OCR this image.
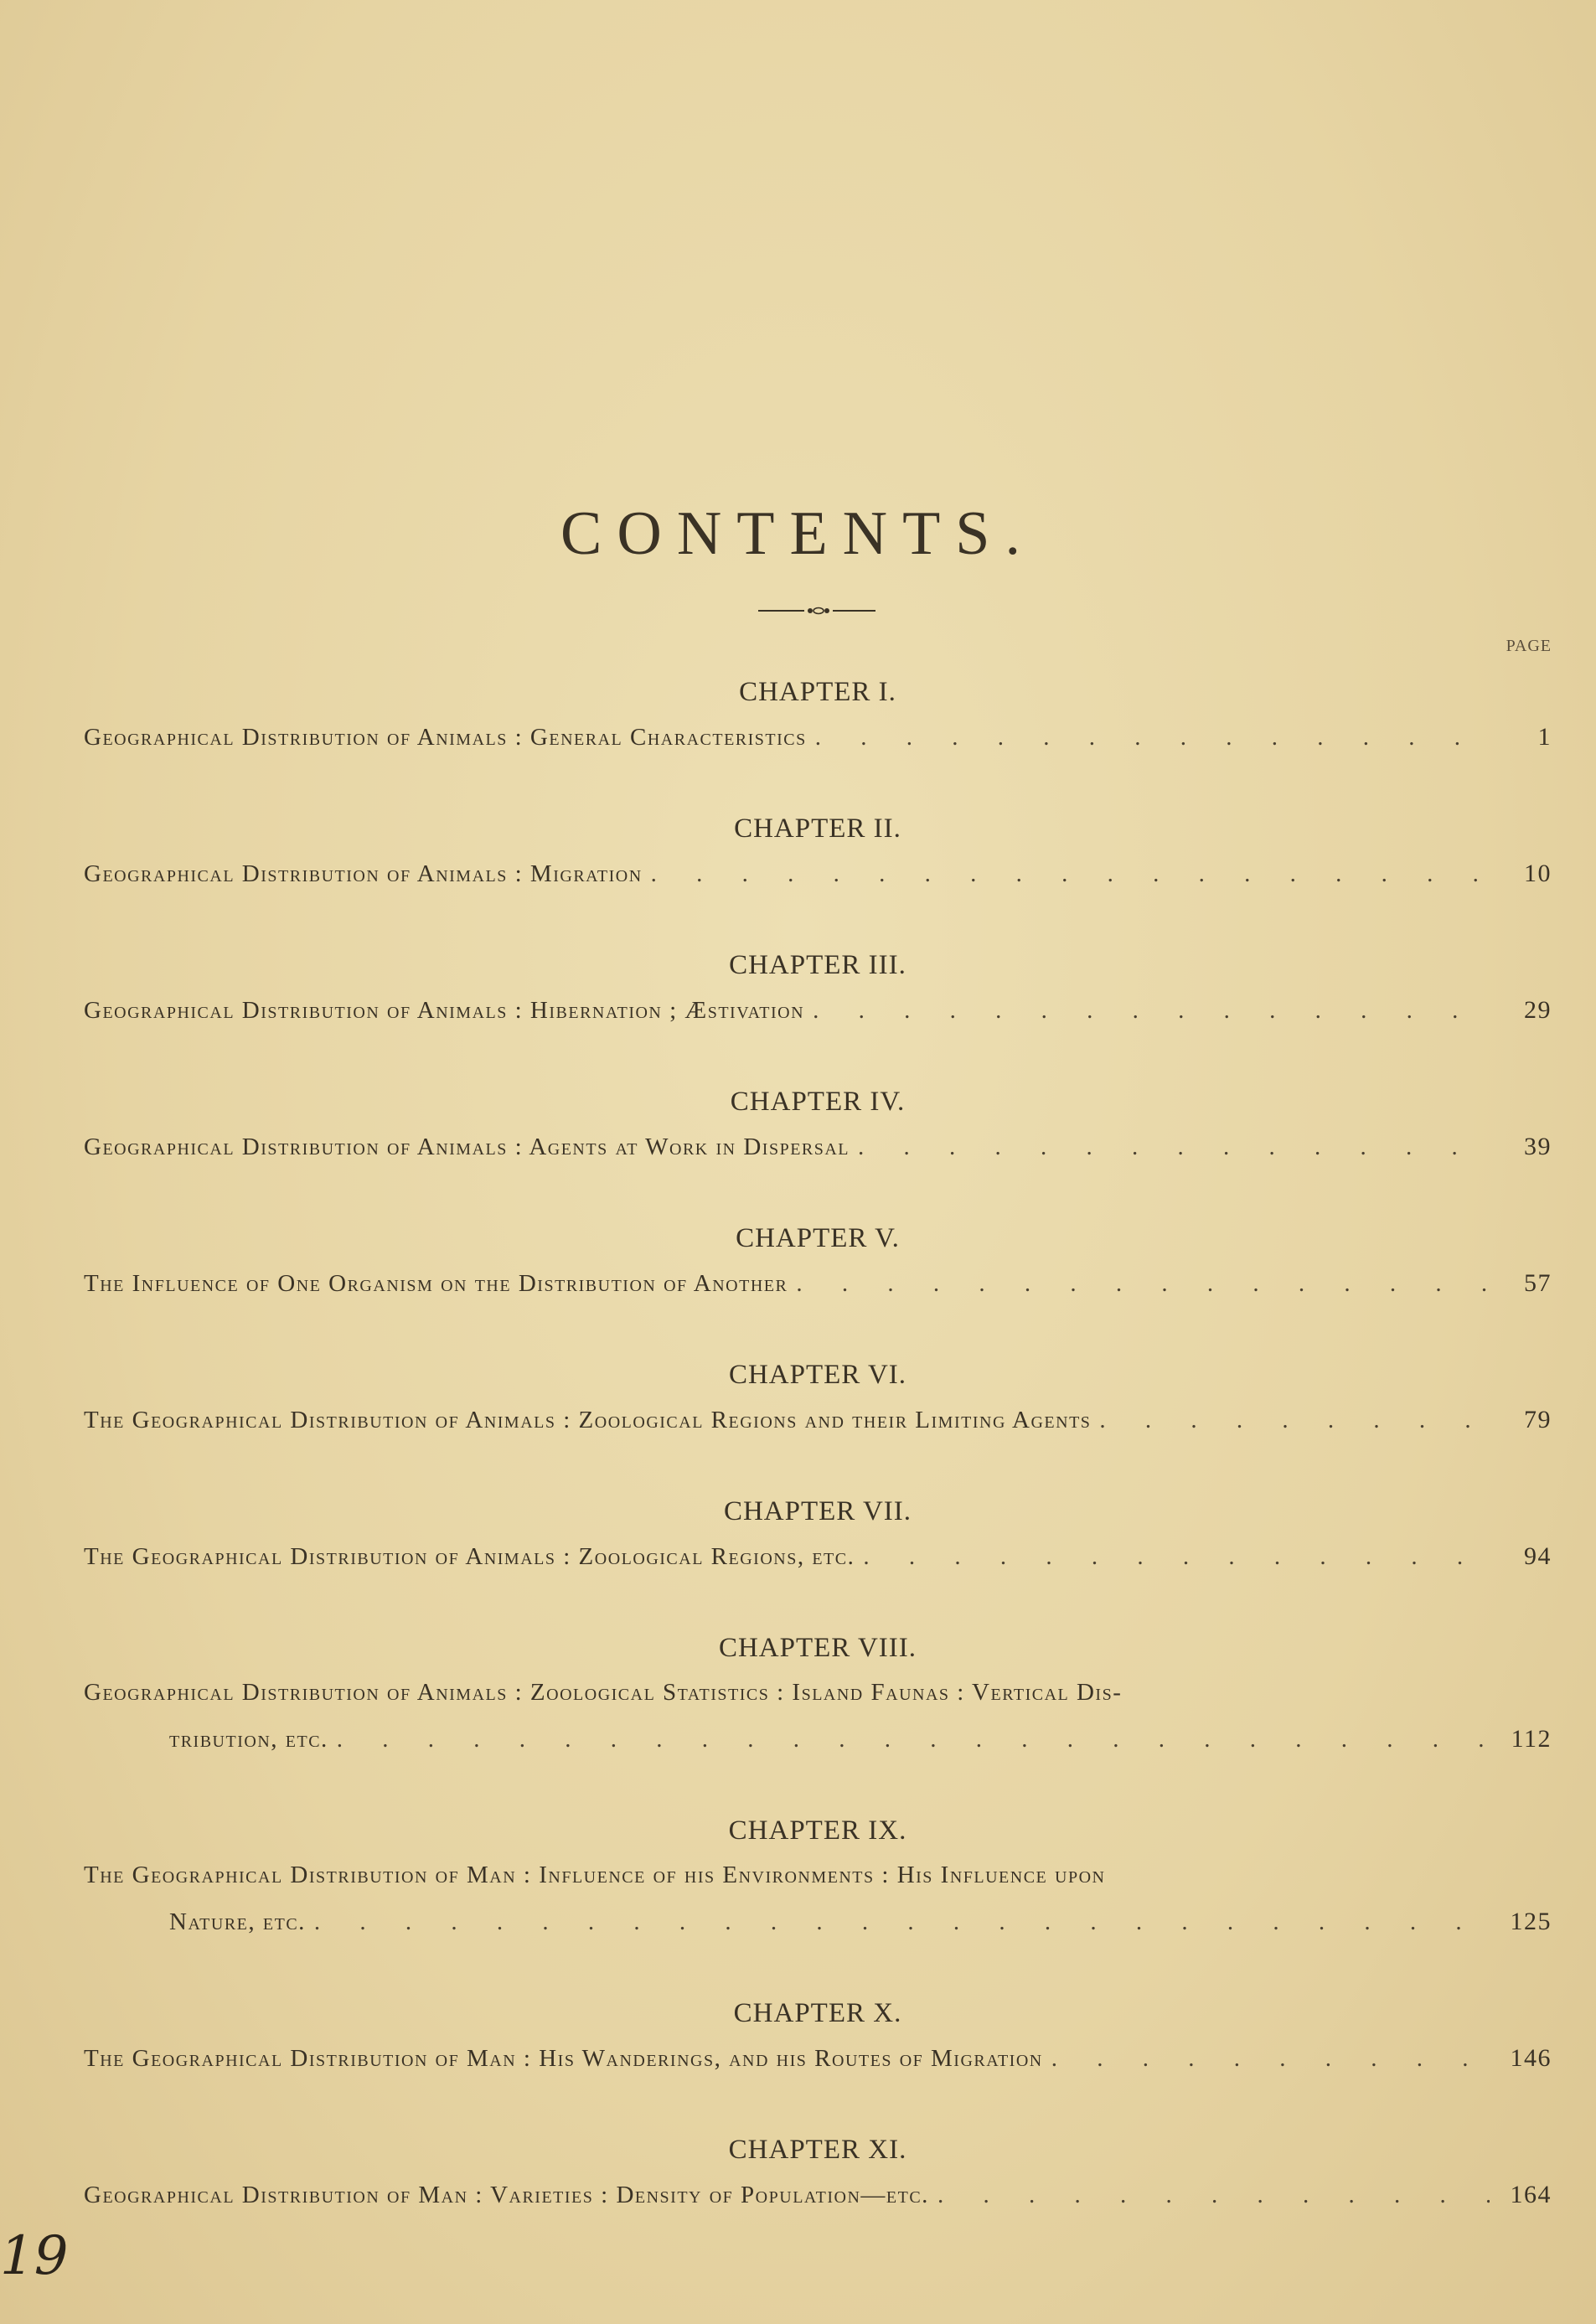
CONTENTS.
PAGE
CHAPTER I.
Geographical Distribution of Animals : General Characteristics . . .	1
CHAPTER II.
Geographical Distribution of Animals : Migration . . .	10
CHAPTER III.
Geographical Distribution of Animals : Hibernation ; Æstivation . . .	29
CHAPTER IV.
Geographical Distribution of Animals : Agents at Work in Dispersal . . .	39
CHAPTER V.
The Influence of One Organism on the Distribution of Another . . .	57
CHAPTER VI.
The Geographical Distribution of Animals : Zoological Regions and their Limiting Agents . . .	79
CHAPTER VII.
The Geographical Distribution of Animals : Zoological Regions, etc. . . .	94
CHAPTER VIII.
Geographical Distribution of Animals : Zoological Statistics : Island Faunas : Vertical Dis-
tribution, etc. . . .	112
CHAPTER IX.
The Geographical Distribution of Man : Influence of his Environments : His Influence upon
Nature, etc. . . .	125
CHAPTER X.
The Geographical Distribution of Man : His Wanderings, and his Routes of Migration . . .	146
CHAPTER XI.
Geographical Distribution of Man : Varieties : Density of Population—etc. . . .	164
19
